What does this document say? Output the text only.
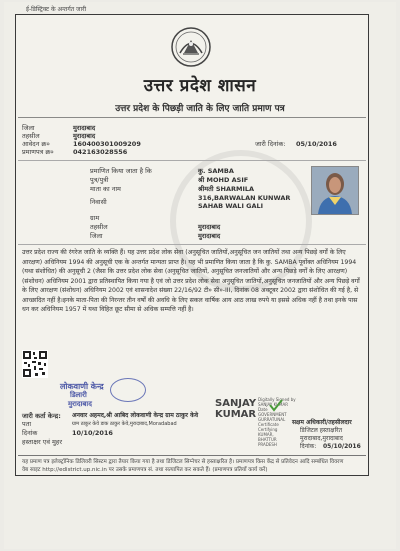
ई-डिस्ट्रिक्ट के अन्तर्गत जारी
उत्तर प्रदेश शासन
उत्तर प्रदेश के पिछड़ी जाति के लिए जाति प्रमाण पत्र
जिला	मुरादाबाद
तहसील	मुरादाबाद
आवेदन क्र०	160400301009209
प्रमाणपत्र क्र०	042163028556
जारी दिनांक: 05/10/2016
प्रमाणित किया जाता है कि	कु. SAMBA
पुत्र/पुत्री	श्री MOHD ASIF
माता का नाम	श्रीमती SHARMILA
निवासी	316,BARWALAN KUNWAR SAHAB WALI GALI
ग्राम
तहसील	मुरादाबाद
जिला	मुरादाबाद
उत्तर प्रदेश राज्य की रंगरेज जाति के व्यक्ति हैं। यह उत्तर प्रदेश लोक सेवा (अनुसूचित जातियों,अनुसूचित जन जातियों तथा अन्य पिछड़े वर्गों के लिए आरक्षण) अधिनियम 1994 की अनुसूची एक के अन्तर्गत मान्यता प्राप्त है। यह भी प्रमाणित किया जाता है कि कु. SAMBA पूर्वोक्त अधिनियम 1994 (यथा संशोधित) की अनुसूची 2 (जैसा कि उत्तर प्रदेश लोक सेवा (अनुसूचित जातियों, अनुसूचित जनजातियों और अन्य पिछड़े वर्गों के लिए आरक्षण) (संशोधन) अधिनियम 2001 द्वारा प्रतिस्थापित किया गया है एवं जो उत्तर प्रदेश लोक सेवा अनुसूचित जातियों,अनुसूचित जनजातियों और अन्य पिछड़े वर्गों के लिए आरक्षण (संशोधन) अधिनियम 2002 एवं शासनादेश संख्या 22/16/92 टी० सी०-III, दिनांक 08 अक्टूबर 2002 द्वारा संशोधित की गई है, से आच्छादित नहीं है।इनके माता-पिता की निरन्तर तीन वर्षों की अवधि के लिए सकल वार्षिक आय आठ लाख रुपये या इससे अधिक नहीं है तथा इनके पास धन कर अधिनियम 1957 में यथा विहित छूट सीमा से अधिक सम्पत्ति नहीं है।
लोकवाणी केन्द्र
डिलारी
मुरादाबाद
जारी कर्ता केन्द्र: अनवार अहमद,श्री आबिद लोकवाणी केन्द्र ग्राम ठाकुर केवे
पता	ग्राम ठाकुर केवे डाक ठाकुर केवे,मुरादाबाद,Moradabad
दिनांक	10/10/2016
हस्ताक्षर एवं मुहर
SANJAY KUMAR
Digitally Signed by
SANJAY KUMAR
Date
GOVERNMENT
GURRATUNAL
Certificate
Certifying
KUMAR,
BHATTUR
PRADESH
सक्षम अधिकारी/तहसीलदार
डिजिटल हस्ताक्षरित
मुरादाबाद,मुरादाबाद
दिनांक: 05/10/2016
यह प्रमाण पत्र इलेक्ट्रॉनिक डिलिवरी सिस्टम द्वारा तैयार किया गया है तथा डिजिटल सिग्नेचर से हस्ताक्षरित है। प्रमाणपत्र किस केंद्र से प्रतिवेदन आदि सम्बंधित विवरण
वेब साइट http://edistrict.up.nic.in पर उसके प्रमाणपत्र सं. तथा सत्यापित कर सकते हैं। (प्रमाणपत्र प्रतियाँ कार्य करें)
